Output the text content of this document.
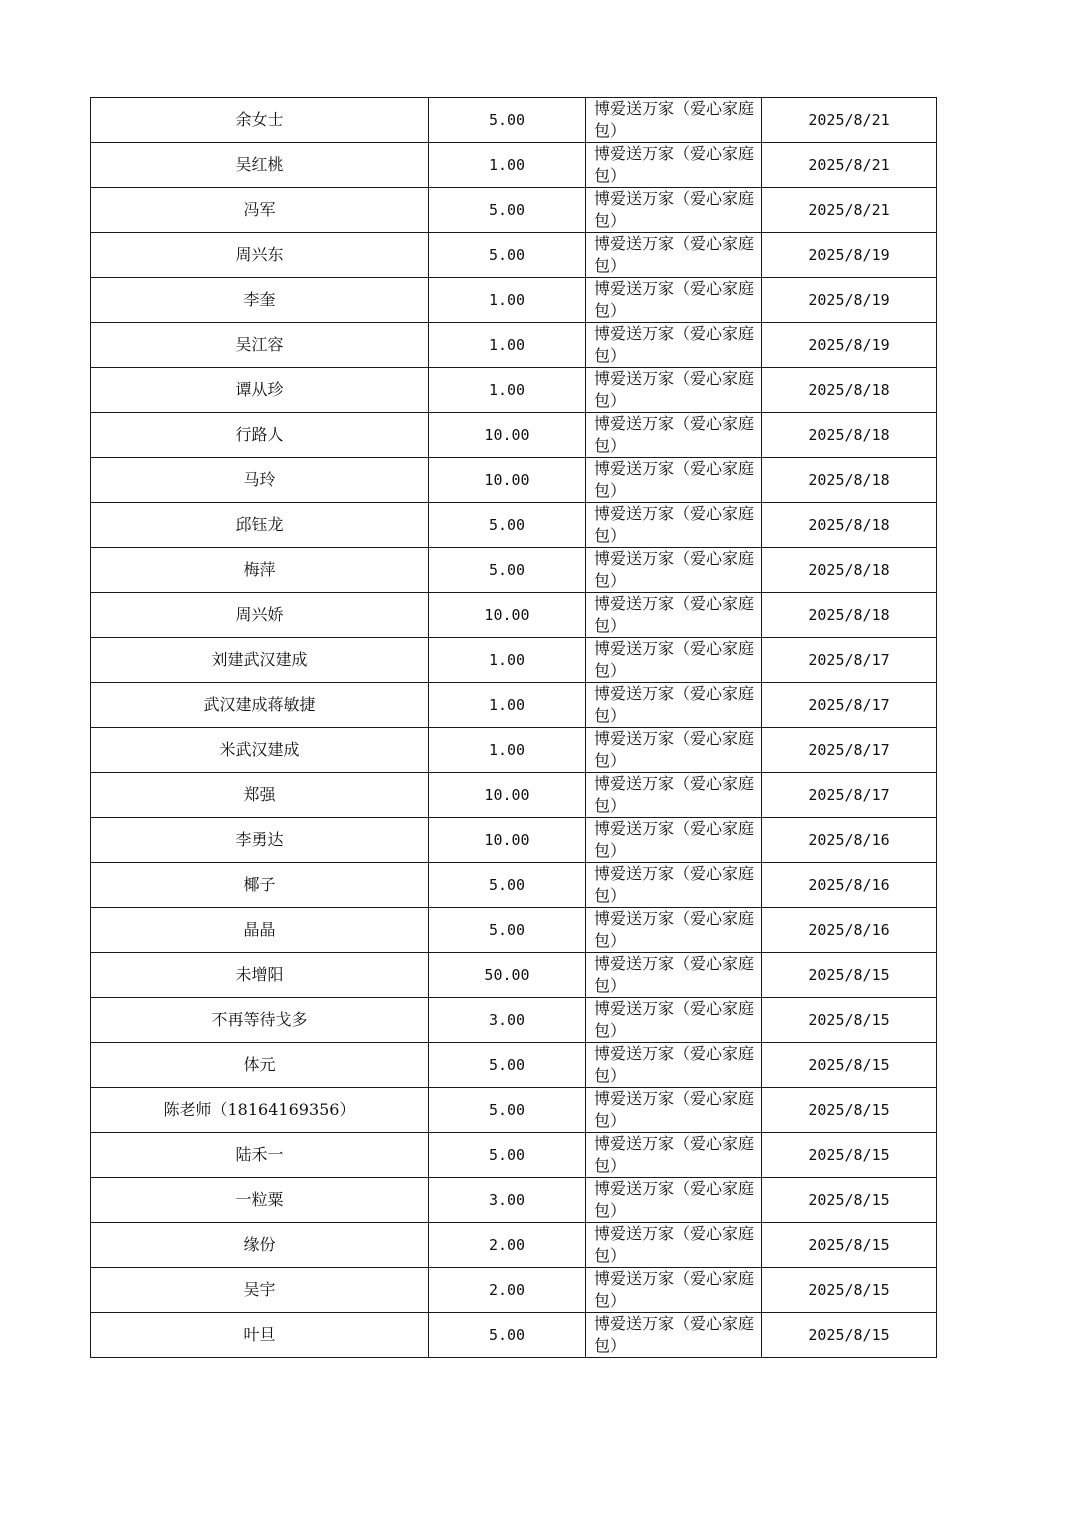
余女士	5.00	博爱送万家（爱心家庭包）	2025/8/21
吴红桃	1.00	博爱送万家（爱心家庭包）	2025/8/21
冯军	5.00	博爱送万家（爱心家庭包）	2025/8/21
周兴东	5.00	博爱送万家（爱心家庭包）	2025/8/19
李奎	1.00	博爱送万家（爱心家庭包）	2025/8/19
吴江容	1.00	博爱送万家（爱心家庭包）	2025/8/19
谭从珍	1.00	博爱送万家（爱心家庭包）	2025/8/18
行路人	10.00	博爱送万家（爱心家庭包）	2025/8/18
马玲	10.00	博爱送万家（爱心家庭包）	2025/8/18
邱钰龙	5.00	博爱送万家（爱心家庭包）	2025/8/18
梅萍	5.00	博爱送万家（爱心家庭包）	2025/8/18
周兴娇	10.00	博爱送万家（爱心家庭包）	2025/8/18
刘建武汉建成	1.00	博爱送万家（爱心家庭包）	2025/8/17
武汉建成蒋敏捷	1.00	博爱送万家（爱心家庭包）	2025/8/17
米武汉建成	1.00	博爱送万家（爱心家庭包）	2025/8/17
郑强	10.00	博爱送万家（爱心家庭包）	2025/8/17
李勇达	10.00	博爱送万家（爱心家庭包）	2025/8/16
椰子	5.00	博爱送万家（爱心家庭包）	2025/8/16
晶晶	5.00	博爱送万家（爱心家庭包）	2025/8/16
未增阳	50.00	博爱送万家（爱心家庭包）	2025/8/15
不再等待戈多	3.00	博爱送万家（爱心家庭包）	2025/8/15
体元	5.00	博爱送万家（爱心家庭包）	2025/8/15
陈老师（18164169356）	5.00	博爱送万家（爱心家庭包）	2025/8/15
陆禾一	5.00	博爱送万家（爱心家庭包）	2025/8/15
一粒粟	3.00	博爱送万家（爱心家庭包）	2025/8/15
缘份	2.00	博爱送万家（爱心家庭包）	2025/8/15
吴宇	2.00	博爱送万家（爱心家庭包）	2025/8/15
叶旦	5.00	博爱送万家（爱心家庭包）	2025/8/15
